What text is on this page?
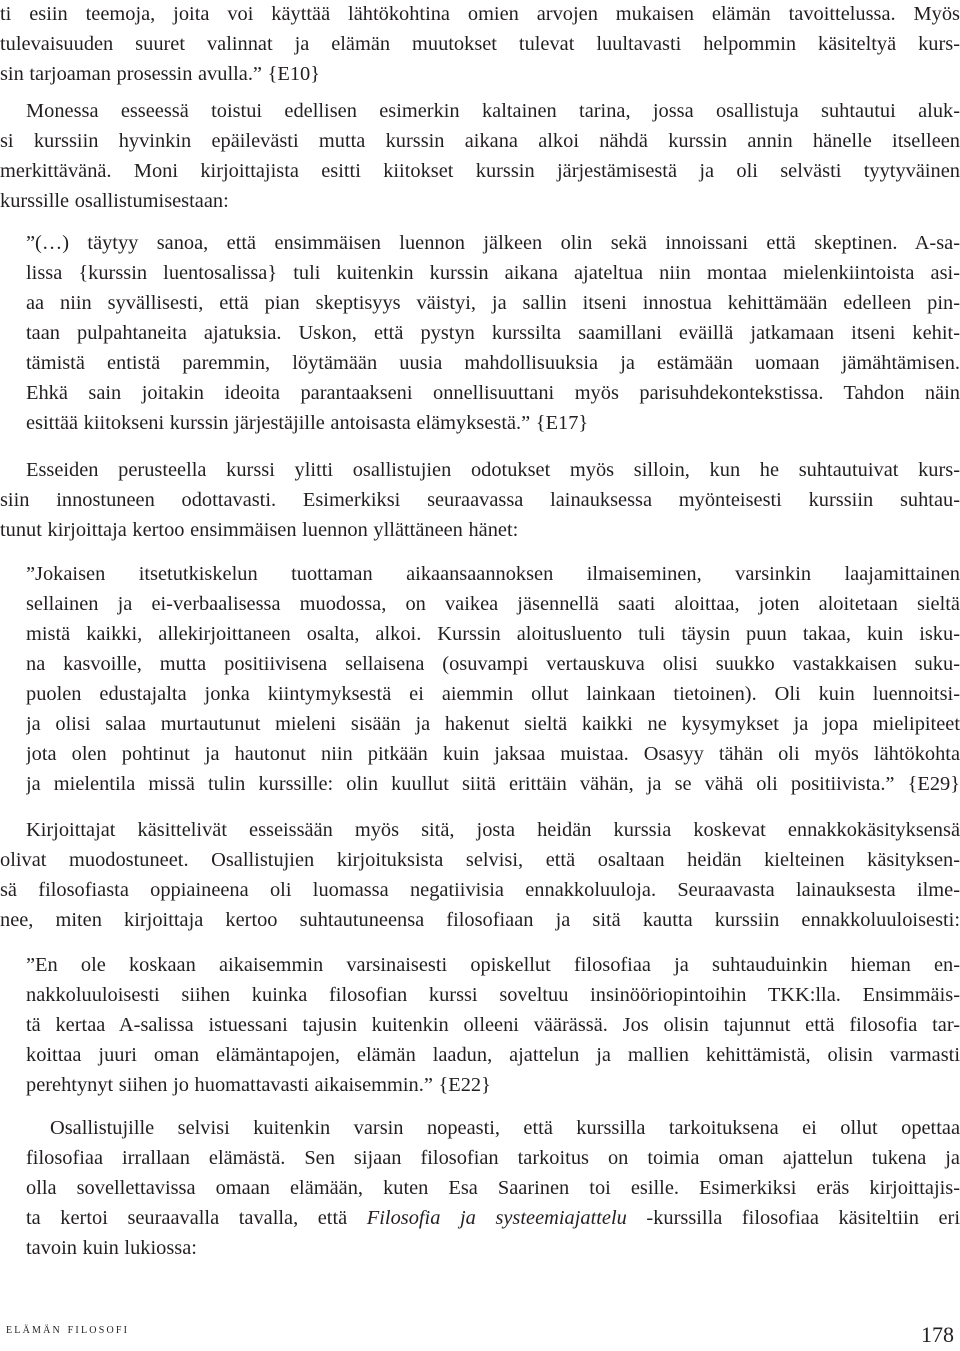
ti esiin teemoja, joita voi käyttää lähtökohtina omien arvojen mukaisen elämän tavoittelussa. Myös
tulevaisuuden suuret valinnat ja elämän muutokset tulevat luultavasti helpommin käsiteltyä kurs-
sin tarjoaman prosessin avulla.” {E10}
Monessa esseessä toistui edellisen esimerkin kaltainen tarina, jossa osallistuja suhtautui aluk-
si kurssiin hyvinkin epäilevästi mutta kurssin aikana alkoi nähdä kurssin annin hänelle itselleen
merkittävänä. Moni kirjoittajista esitti kiitokset kurssin järjestämisestä ja oli selvästi tyytyväinen
kurssille osallistumisestaan:
”(…) täytyy sanoa, että ensimmäisen luennon jälkeen olin sekä innoissani että skeptinen. A-sa-
lissa {kurssin luentosalissa} tuli kuitenkin kurssin aikana ajateltua niin montaa mielenkiintoista asi-
aa niin syvällisesti, että pian skeptisyys väistyi, ja sallin itseni innostua kehittämään edelleen pin-
taan pulpahtaneita ajatuksia. Uskon, että pystyn kurssilta saamillani eväillä jatkamaan itseni kehit-
tämistä entistä paremmin, löytämään uusia mahdollisuuksia ja estämään uomaan jämähtämisen.
Ehkä sain joitakin ideoita parantaakseni onnellisuuttani myös parisuhdekontekstissa. Tahdon näin
esittää kiitokseni kurssin järjestäjille antoisasta elämyksestä.” {E17}
Esseiden perusteella kurssi ylitti osallistujien odotukset myös silloin, kun he suhtautuivat kurs-
siin innostuneen odottavasti. Esimerkiksi seuraavassa lainauksessa myönteisesti kurssiin suhtau-
tunut kirjoittaja kertoo ensimmäisen luennon yllättäneen hänet:
”Jokaisen itsetutkiskelun tuottaman aikaansaannoksen ilmaiseminen, varsinkin laajamittainen
sellainen ja ei-verbaalisessa muodossa, on vaikea jäsennellä saati aloittaa, joten aloitetaan sieltä
mistä kaikki, allekirjoittaneen osalta, alkoi. Kurssin aloitusluento tuli täysin puun takaa, kuin isku-
na kasvoille, mutta positiivisena sellaisena (osuvampi vertauskuva olisi suukko vastakkaisen suku-
puolen edustajalta jonka kiintymyksestä ei aiemmin ollut lainkaan tietoinen). Oli kuin luennoitsi-
ja olisi salaa murtautunut mieleni sisään ja hakenut sieltä kaikki ne kysymykset ja jopa mielipiteet
jota olen pohtinut ja hautonut niin pitkään kuin jaksaa muistaa. Osasyy tähän oli myös lähtökohta
ja mielentila missä tulin kurssille: olin kuullut siitä erittäin vähän, ja se vähä oli positiivista.” {E29}
Kirjoittajat käsittelivät esseissään myös sitä, josta heidän kurssia koskevat ennakkokäsityksensä
olivat muodostuneet. Osallistujien kirjoituksista selvisi, että osaltaan heidän kielteinen käsityksen-
sä filosofiasta oppiaineena oli luomassa negatiivisia ennakkoluuloja. Seuraavasta lainauksesta ilme-
nee, miten kirjoittaja kertoo suhtautuneensa filosofiaan ja sitä kautta kurssiin ennakkoluuloisesti:
”En ole koskaan aikaisemmin varsinaisesti opiskellut filosofiaa ja suhtauduinkin hieman en-
nakkoluuloisesti siihen kuinka filosofian kurssi soveltuu insinööriopintoihin TKK:lla. Ensimmäis-
tä kertaa A-salissa istuessani tajusin kuitenkin olleeni väärässä. Jos olisin tajunnut että filosofia tar-
koittaa juuri oman elämäntapojen, elämän laadun, ajattelun ja mallien kehittämistä, olisin varmasti
perehtynyt siihen jo huomattavasti aikaisemmin.” {E22}
Osallistujille selvisi kuitenkin varsin nopeasti, että kurssilla tarkoituksena ei ollut opettaa
filosofiaa irrallaan elämästä. Sen sijaan filosofian tarkoitus on toimia oman ajattelun tukena ja
olla sovellettavissa omaan elämään, kuten Esa Saarinen toi esille. Esimerkiksi eräs kirjoittajis-
ta kertoi seuraavalla tavalla, että Filosofia ja systeemiajattelu -kurssilla filosofiaa käsiteltiin eri
tavoin kuin lukiossa:
elämän filosofi	178
